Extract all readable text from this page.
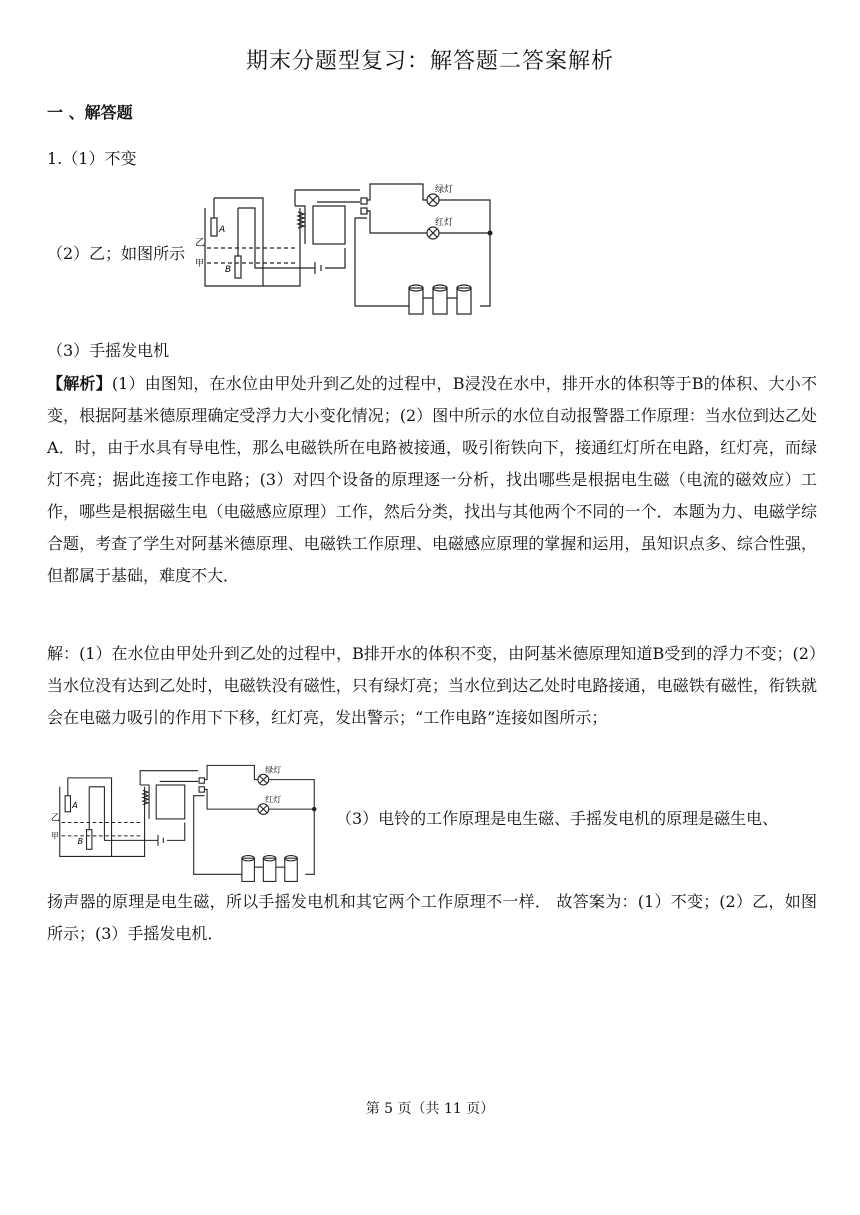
期末分题型复习：解答题二答案解析
一 、解答题
1.（1）不变
（2）乙；如图所示
绿灯
红灯
乙
甲
A
B
（3）手摇发电机
【解析】(1）由图知，在水位由甲处升到乙处的过程中，B浸没在水中，排开水的体积等于B的体积、大小不变，根据阿基米德原理确定受浮力大小变化情况；(2）图中所示的水位自动报警器工作原理：当水位到达乙处A．时，由于水具有导电性，那么电磁铁所在电路被接通，吸引衔铁向下，接通红灯所在电路，红灯亮，而绿灯不亮；据此连接工作电路；(3）对四个设备的原理逐一分析，找出哪些是根据电生磁（电流的磁效应）工作，哪些是根据磁生电（电磁感应原理）工作，然后分类，找出与其他两个不同的一个．本题为力、电磁学综合题，考查了学生对阿基米德原理、电磁铁工作原理、电磁感应原理的掌握和运用，虽知识点多、综合性强，但都属于基础，难度不大．
解：(1）在水位由甲处升到乙处的过程中，B排开水的体积不变，由阿基米德原理知道B受到的浮力不变；(2）当水位没有达到乙处时，电磁铁没有磁性，只有绿灯亮；当水位到达乙处时电路接通，电磁铁有磁性，衔铁就会在电磁力吸引的作用下下移，红灯亮，发出警示；“工作电路”连接如图所示；
绿灯
红灯
乙
甲
A
B
（3）电铃的工作原理是电生磁、手摇发电机的原理是磁生电、
扬声器的原理是电生磁，所以手摇发电机和其它两个工作原理不一样． 故答案为：(1）不变；(2）乙，如图所示；(3）手摇发电机．
第 5 页（共 11 页）
